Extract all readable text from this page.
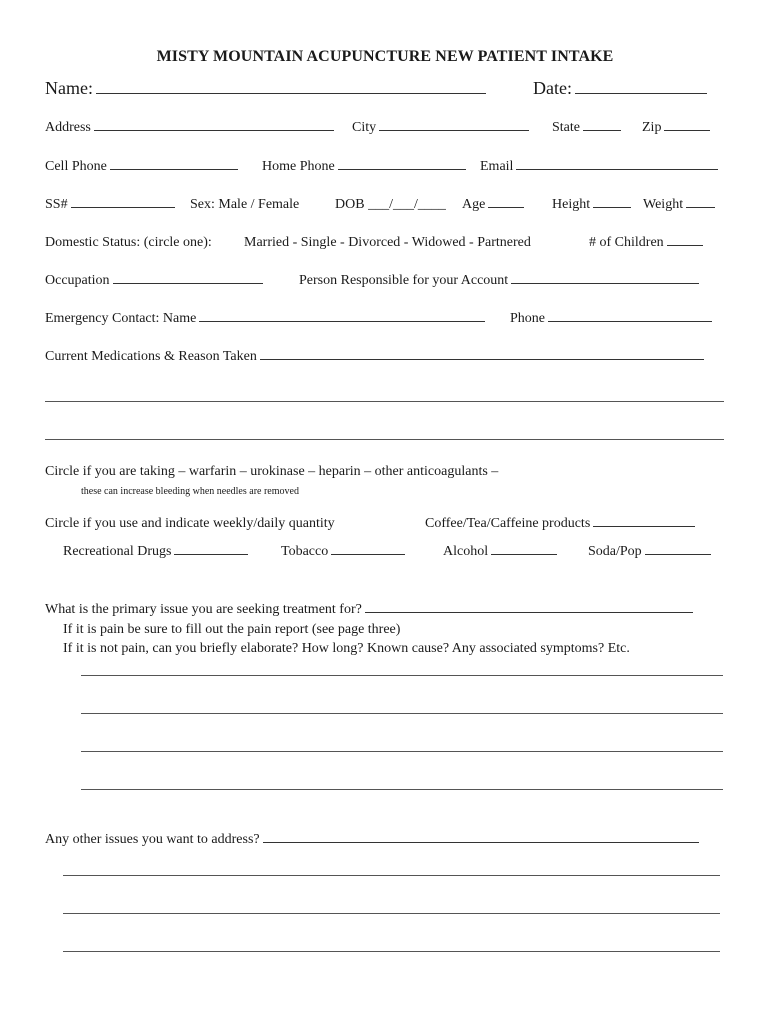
MISTY MOUNTAIN ACUPUNCTURE NEW PATIENT INTAKE
Name:	Date:
Address	City	State	Zip
Cell Phone	Home Phone	Email
SS#	Sex: Male / Female	DOB ___/___/____ Age	Height	Weight
Domestic Status: (circle one): Married - Single - Divorced - Widowed - Partnered	# of Children
Occupation	Person Responsible for your Account
Emergency Contact: Name	Phone
Current Medications & Reason Taken
Circle if you are taking – warfarin – urokinase – heparin – other anticoagulants –
these can increase bleeding when needles are removed
Circle if you use and indicate weekly/daily quantity	Coffee/Tea/Caffeine products
Recreational Drugs	Tobacco	Alcohol	Soda/Pop
What is the primary issue you are seeking treatment for?
If it is pain be sure to fill out the pain report (see page three)
If it is not pain, can you briefly elaborate? How long? Known cause? Any associated symptoms? Etc.
Any other issues you want to address?
